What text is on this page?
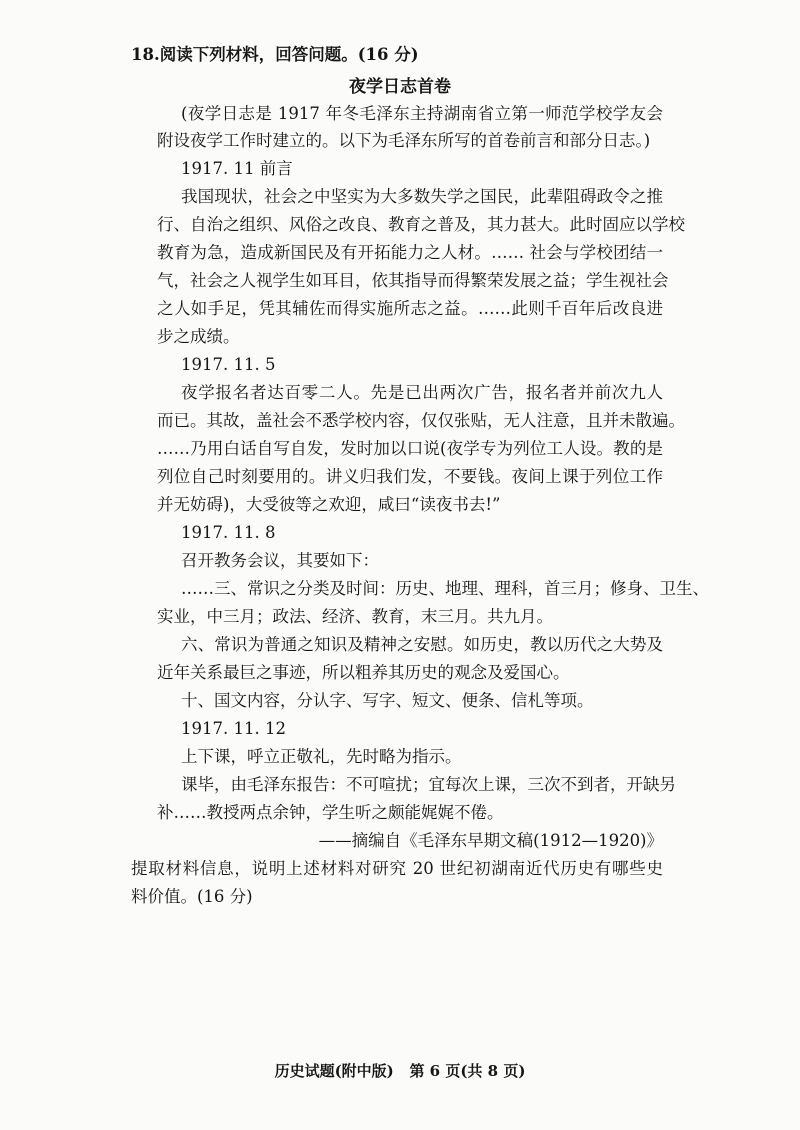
18.阅读下列材料，回答问题。(16 分)
夜学日志首卷
(夜学日志是 1917 年冬毛泽东主持湖南省立第一师范学校学友会
附设夜学工作时建立的。以下为毛泽东所写的首卷前言和部分日志。)
1917. 11 前言
我国现状，社会之中坚实为大多数失学之国民，此辈阻碍政令之推
行、自治之组织、风俗之改良、教育之普及，其力甚大。此时固应以学校
教育为急，造成新国民及有开拓能力之人材。…… 社会与学校团结一
气，社会之人视学生如耳目，依其指导而得繁荣发展之益；学生视社会
之人如手足，凭其辅佐而得实施所志之益。……此则千百年后改良进
步之成绩。
1917. 11. 5
夜学报名者达百零二人。先是已出两次广告，报名者并前次九人
而已。其故，盖社会不悉学校内容，仅仅张贴，无人注意，且并未散遍。
……乃用白话自写自发，发时加以口说(夜学专为列位工人设。教的是
列位自己时刻要用的。讲义归我们发，不要钱。夜间上课于列位工作
并无妨碍)，大受彼等之欢迎，咸曰“读夜书去!”
1917. 11. 8
召开教务会议，其要如下：
……三、常识之分类及时间：历史、地理、理科，首三月；修身、卫生、
实业，中三月；政法、经济、教育，末三月。共九月。
六、常识为普通之知识及精神之安慰。如历史，教以历代之大势及
近年关系最巨之事迹，所以粗养其历史的观念及爱国心。
十、国文内容，分认字、写字、短文、便条、信札等项。
1917. 11. 12
上下课，呼立正敬礼，先时略为指示。
课毕，由毛泽东报告：不可喧扰；宜每次上课，三次不到者，开缺另
补……教授两点余钟，学生听之颇能娓娓不倦。
——摘编自《毛泽东早期文稿(1912—1920)》
提取材料信息，说明上述材料对研究 20 世纪初湖南近代历史有哪些史
料价值。(16 分)
历史试题(附中版) 第 6 页(共 8 页)
